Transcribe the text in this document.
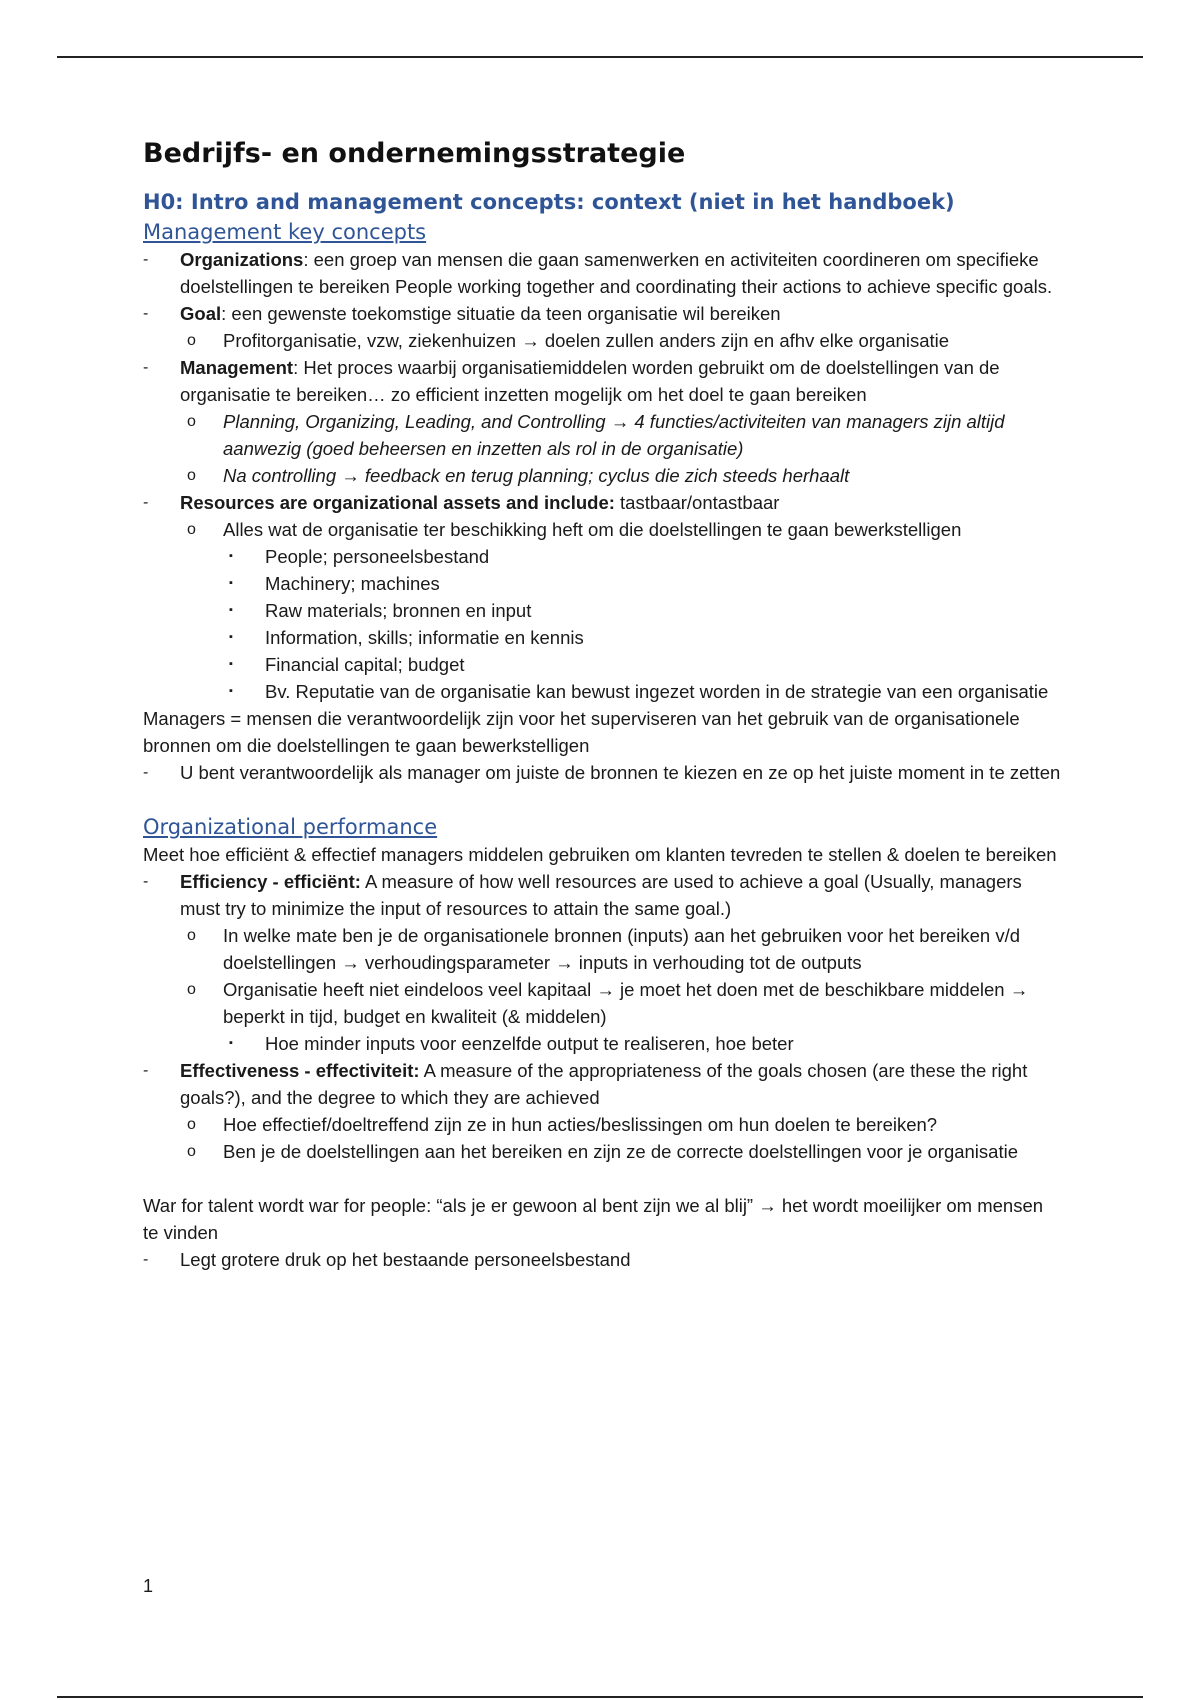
Bedrijfs- en ondernemingsstrategie
H0: Intro and management concepts: context (niet in het handboek)
Management key concepts
- Organizations: een groep van mensen die gaan samenwerken en activiteiten coordineren om specifieke doelstellingen te bereiken People working together and coordinating their actions to achieve specific goals.
- Goal: een gewenste toekomstige situatie da teen organisatie wil bereiken
o Profitorganisatie, vzw, ziekenhuizen → doelen zullen anders zijn en afhv elke organisatie
- Management: Het proces waarbij organisatiemiddelen worden gebruikt om de doelstellingen van de organisatie te bereiken… zo efficient inzetten mogelijk om het doel te gaan bereiken
o Planning, Organizing, Leading, and Controlling → 4 functies/activiteiten van managers zijn altijd aanwezig (goed beheersen en inzetten als rol in de organisatie)
o Na controlling → feedback en terug planning; cyclus die zich steeds herhaalt
- Resources are organizational assets and include: tastbaar/ontastbaar
o Alles wat de organisatie ter beschikking heft om die doelstellingen te gaan bewerkstelligen
▪ People; personeelsbestand
▪ Machinery; machines
▪ Raw materials; bronnen en input
▪ Information, skills; informatie en kennis
▪ Financial capital; budget
▪ Bv. Reputatie van de organisatie kan bewust ingezet worden in de strategie van een organisatie
Managers = mensen die verantwoordelijk zijn voor het superviseren van het gebruik van de organisationele bronnen om die doelstellingen te gaan bewerkstelligen
- U bent verantwoordelijk als manager om juiste de bronnen te kiezen en ze op het juiste moment in te zetten
Organizational performance
Meet hoe efficiënt & effectief managers middelen gebruiken om klanten tevreden te stellen & doelen te bereiken
- Efficiency - efficiënt: A measure of how well resources are used to achieve a goal (Usually, managers must try to minimize the input of resources to attain the same goal.)
o In welke mate ben je de organisationele bronnen (inputs) aan het gebruiken voor het bereiken v/d doelstellingen → verhoudingsparameter → inputs in verhouding tot de outputs
o Organisatie heeft niet eindeloos veel kapitaal → je moet het doen met de beschikbare middelen → beperkt in tijd, budget en kwaliteit (& middelen)
▪ Hoe minder inputs voor eenzelfde output te realiseren, hoe beter
- Effectiveness - effectiviteit: A measure of the appropriateness of the goals chosen (are these the right goals?), and the degree to which they are achieved
o Hoe effectief/doeltreffend zijn ze in hun acties/beslissingen om hun doelen te bereiken?
o Ben je de doelstellingen aan het bereiken en zijn ze de correcte doelstellingen voor je organisatie
War for talent wordt war for people: “als je er gewoon al bent zijn we al blij” → het wordt moeilijker om mensen te vinden
- Legt grotere druk op het bestaande personeelsbestand
1
